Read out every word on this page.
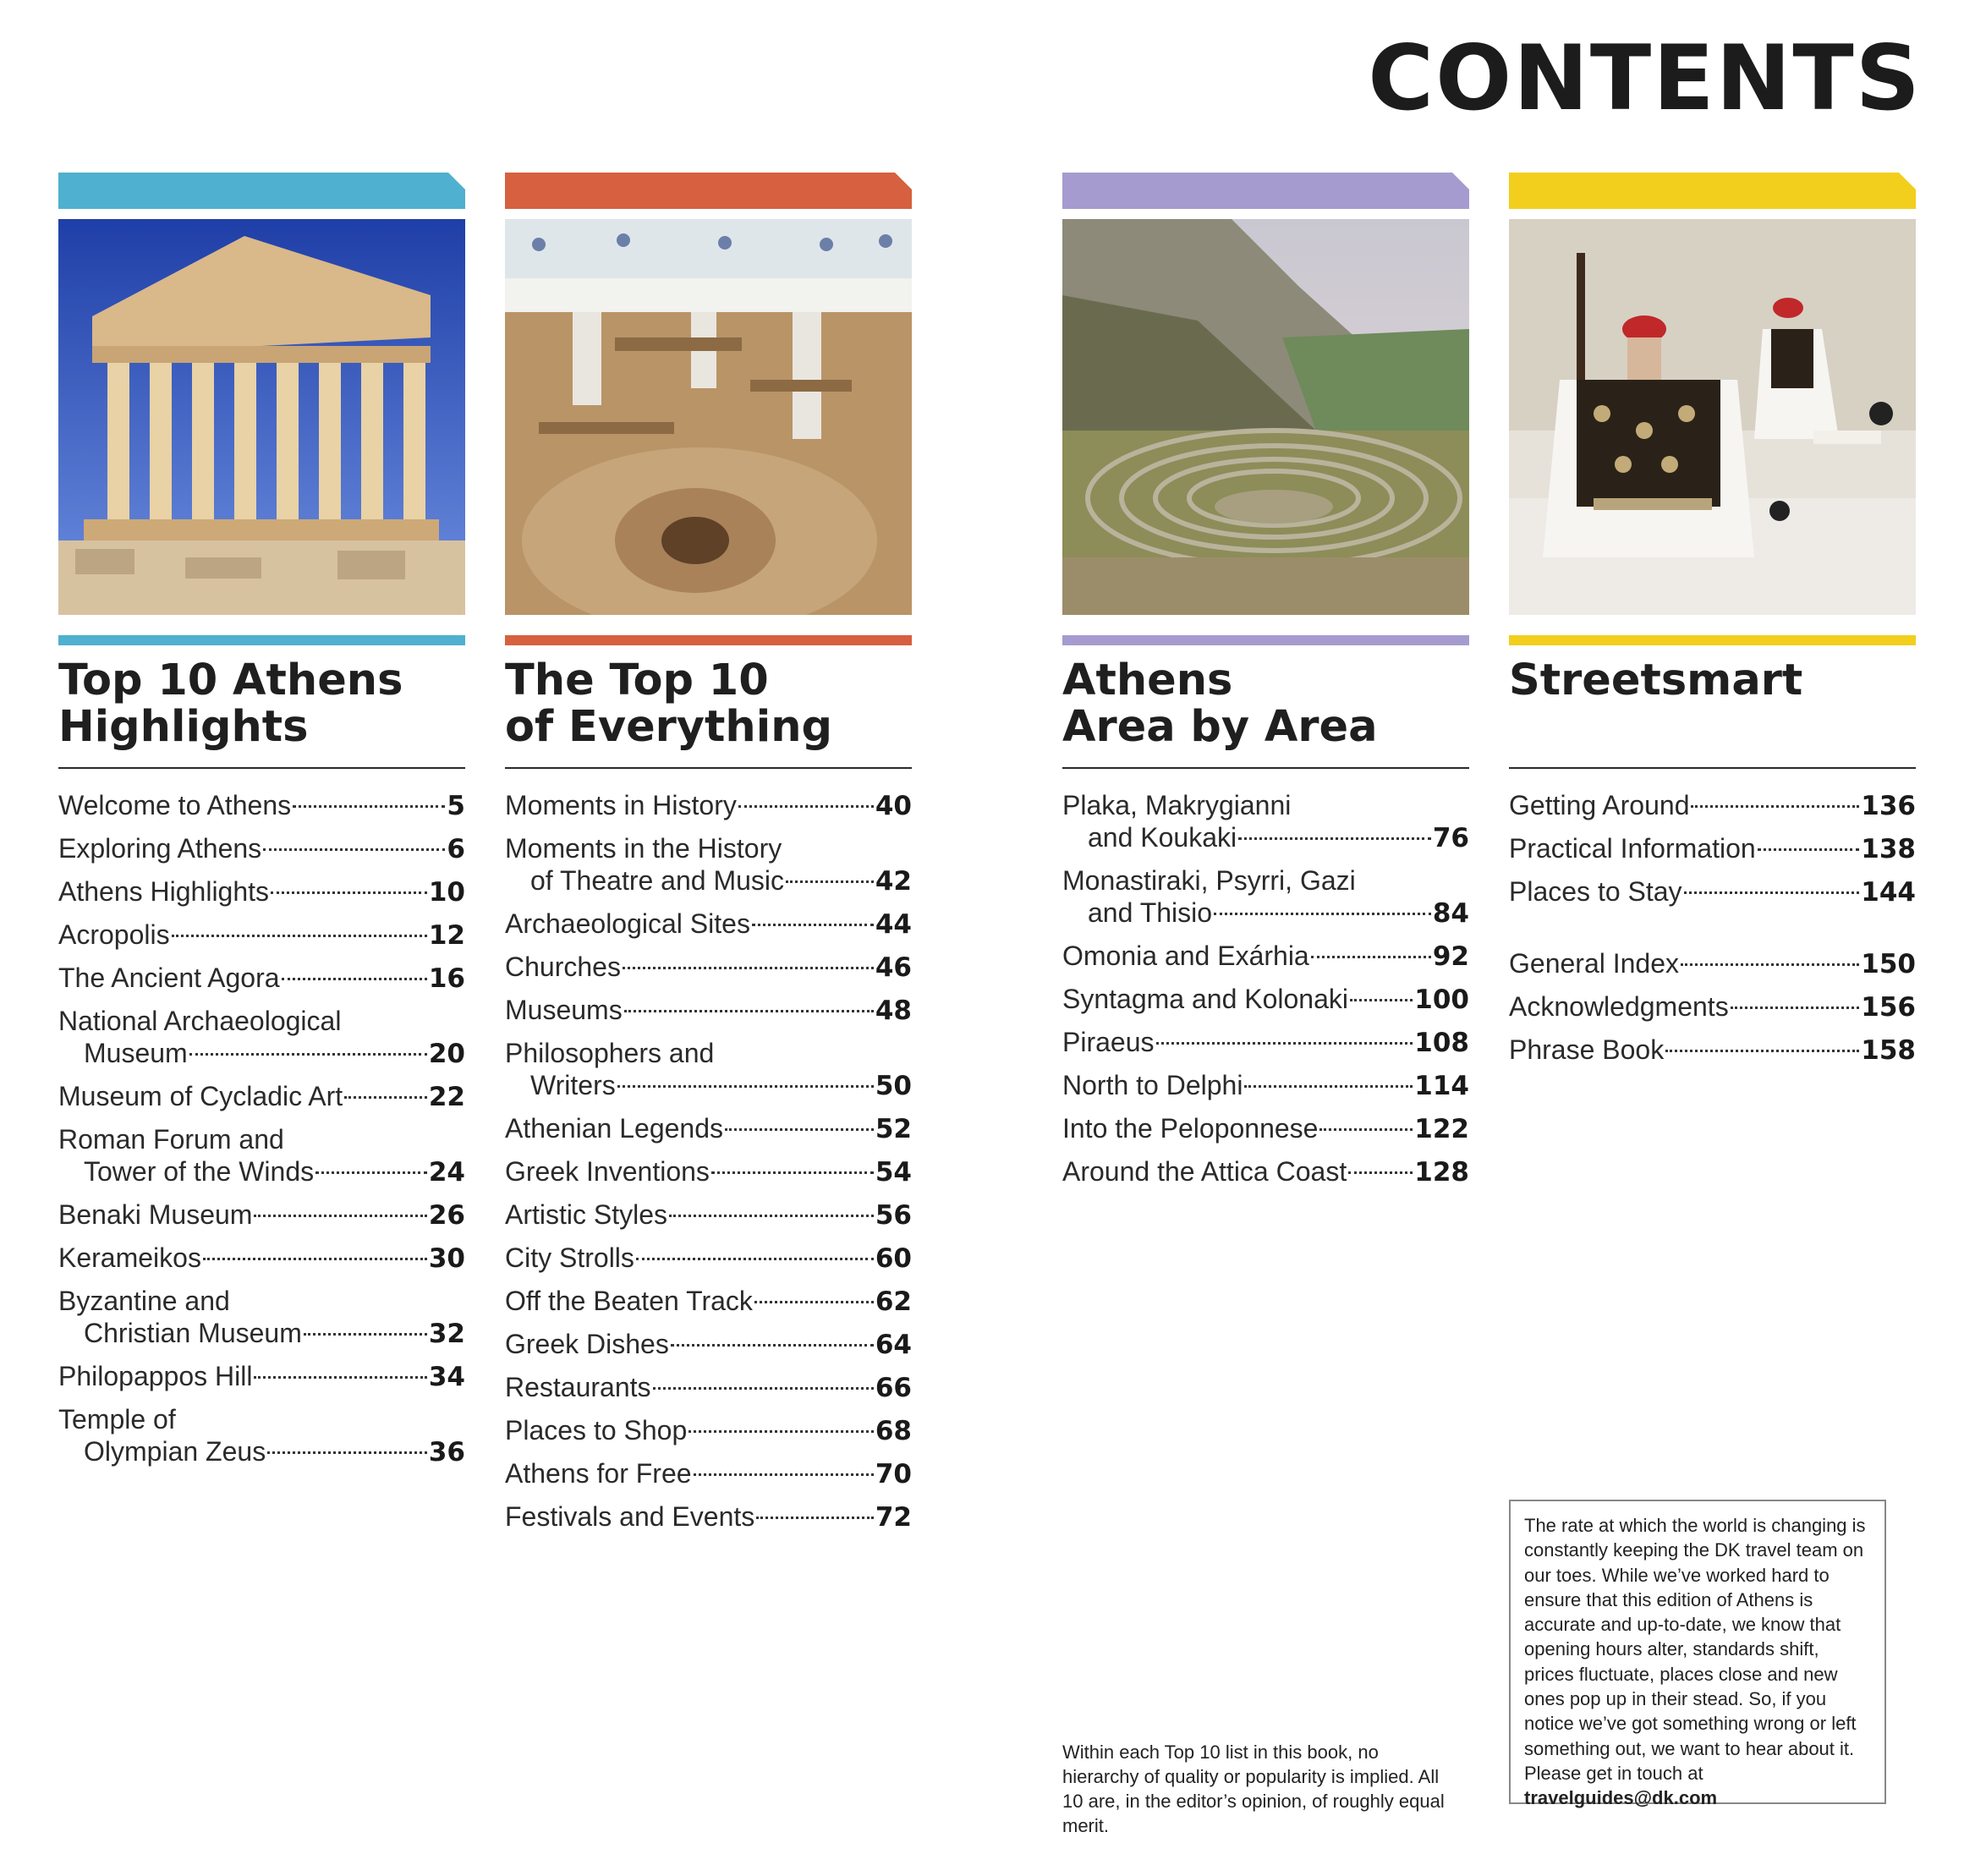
CONTENTS
Top 10 Athens
Highlights
Welcome to Athens	5
Exploring Athens	6
Athens Highlights	10
Acropolis	12
The Ancient Agora	16
National Archaeological
Museum	20
Museum of Cycladic Art	22
Roman Forum and
Tower of the Winds	24
Benaki Museum	26
Kerameikos	30
Byzantine and
Christian Museum	32
Philopappos Hill	34
Temple of
Olympian Zeus	36
The Top 10
of Everything
Moments in History	40
Moments in the History
of Theatre and Music	42
Archaeological Sites	44
Churches	46
Museums	48
Philosophers and
Writers	50
Athenian Legends	52
Greek Inventions	54
Artistic Styles	56
City Strolls	60
Off the Beaten Track	62
Greek Dishes	64
Restaurants	66
Places to Shop	68
Athens for Free	70
Festivals and Events	72
Athens
Area by Area
Plaka, Makrygianni
and Koukaki	76
Monastiraki, Psyrri, Gazi
and Thisio	84
Omonia and Exárhia	92
Syntagma and Kolonaki	100
Piraeus	108
North to Delphi	114
Into the Peloponnese	122
Around the Attica Coast	128
Streetsmart

Getting Around	136
Practical Information	138
Places to Stay	144
General Index	150
Acknowledgments	156
Phrase Book	158

Within each Top 10 list in this book, no hierarchy of quality or popularity is implied. All 10 are, in the editor’s opinion, of roughly equal merit.

The rate at which the world is changing is constantly keeping the DK travel team on our toes. While we’ve worked hard to ensure that this edition of Athens is accurate and up-to-date, we know that opening hours alter, standards shift, prices fluctuate, places close and new ones pop up in their stead. So, if you notice we’ve got something wrong or left something out, we want to hear about it. Please get in touch at travelguides@dk.com
